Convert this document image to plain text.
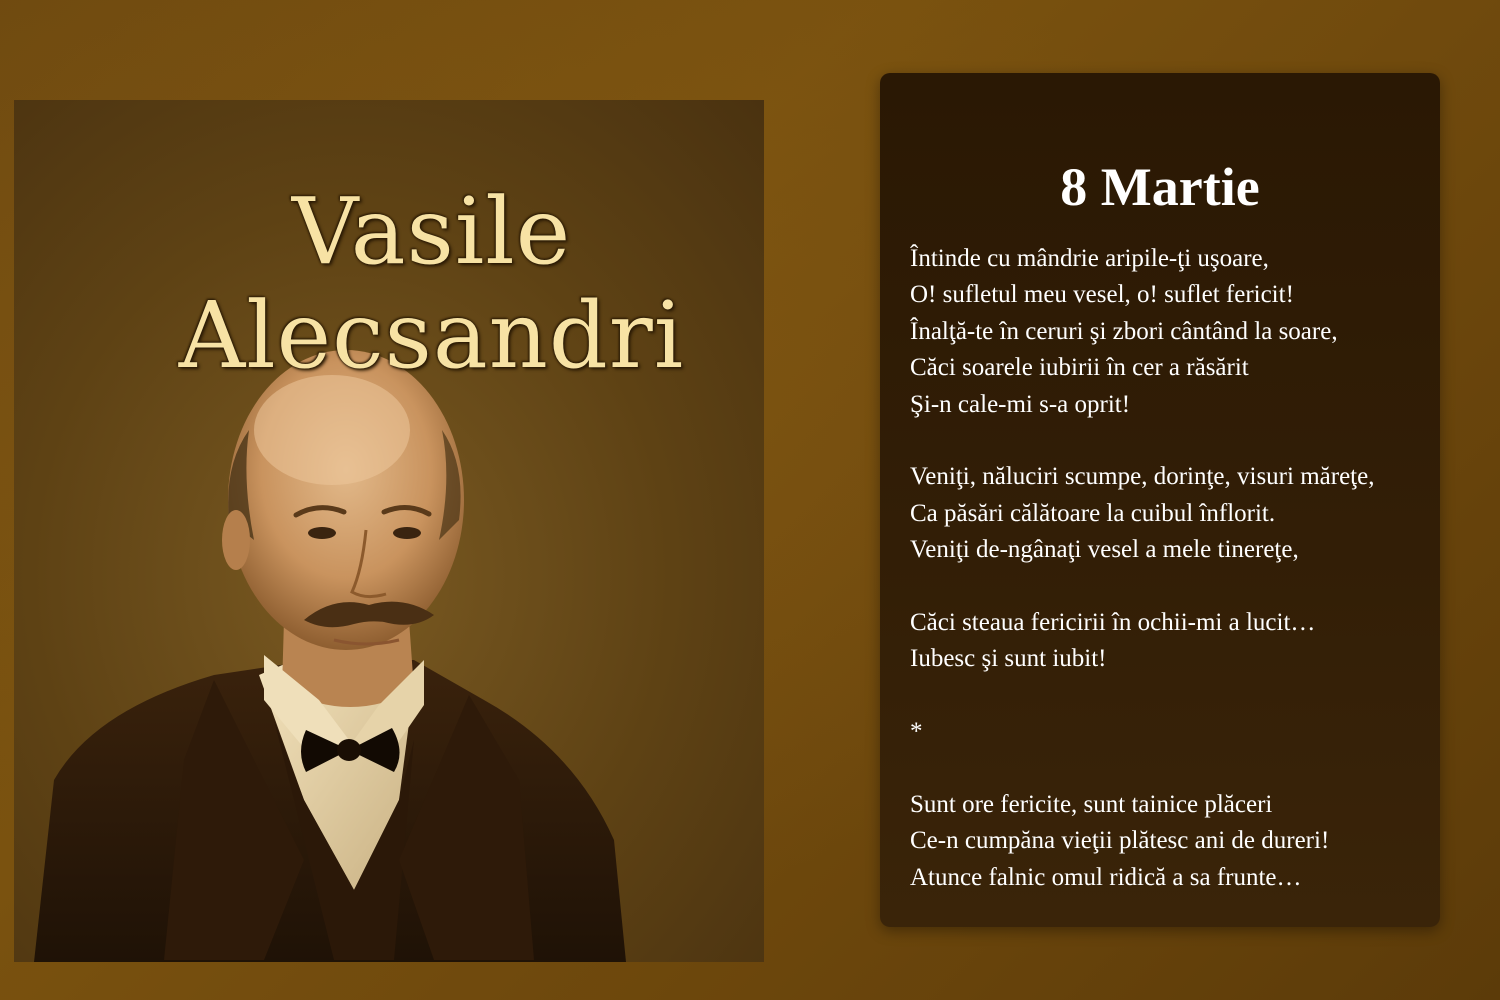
Vasile
Alecsandri
8 Martie
Întinde cu mândrie aripile-ţi uşoare,
O! sufletul meu vesel, o! suflet fericit!
Înalţă-te în ceruri şi zbori cântând la soare,
Căci soarele iubirii în cer a răsărit
Şi-n cale-mi s-a oprit!
Veniţi, năluciri scumpe, dorinţe, visuri măreţe,
Ca păsări călătoare la cuibul înflorit.
Veniţi de-ngânaţi vesel a mele tinereţe,
Căci steaua fericirii în ochii-mi a lucit…
Iubesc şi sunt iubit!
*
Sunt ore fericite, sunt tainice plăceri
Ce-n cumpăna vieţii plătesc ani de dureri!
Atunce falnic omul ridică a sa frunte…
